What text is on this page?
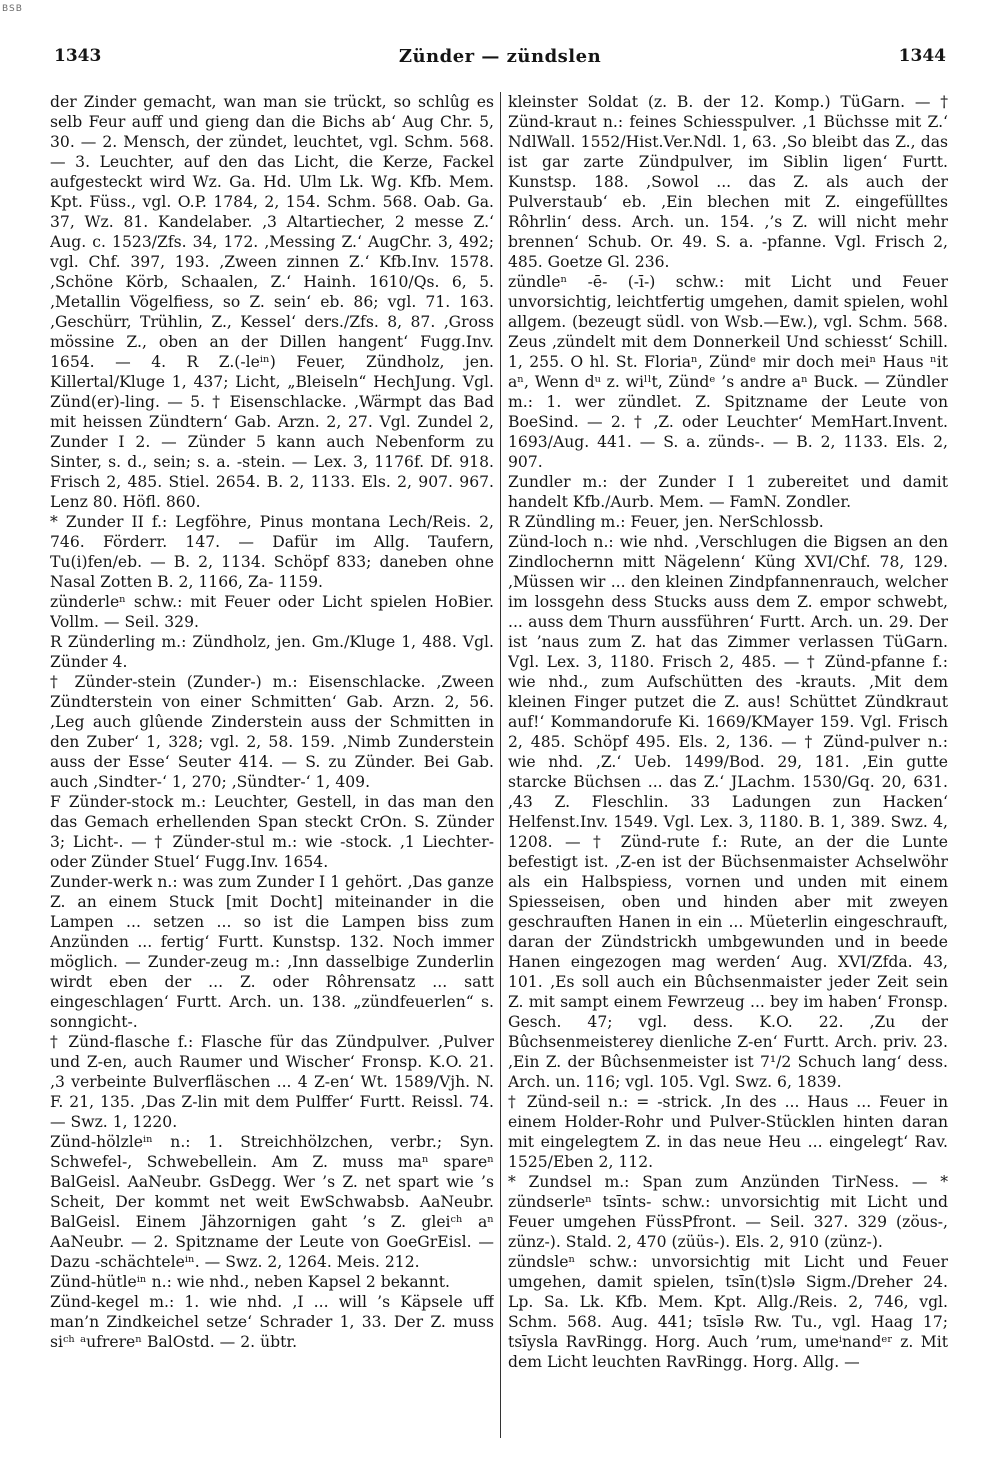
BSB
1343	Zünder — zündslen	1344

der Zinder gemacht, wan man sie trückt, so schlûg es selb Feur auff und gieng dan die Bichs ab‘ Aug Chr. 5, 30. — 2. Mensch, der zündet, leuchtet, vgl. Schm. 568. — 3. Leuchter, auf den das Licht, die Kerze, Fackel aufgesteckt wird Wz. Ga. Hd. Ulm Lk. Wg. Kfb. Mem. Kpt. Füss., vgl. O.P. 1784, 2, 154. Schm. 568. Oab. Ga. 37, Wz. 81. Kandelaber. ‚3 Altartiecher, 2 messe Z.‘ Aug. c. 1523/Zfs. 34, 172. ‚Messing Z.‘ AugChr. 3, 492; vgl. Chf. 397, 193. ‚Zween zinnen Z.‘ Kfb.Inv. 1578. ‚Schöne Körb, Schaalen, Z.‘ Hainh. 1610/Qs. 6, 5. ‚Metallin Vögelfiess, so Z. sein‘ eb. 86; vgl. 71. 163. ‚Geschürr, Trühlin, Z., Kessel‘ ders./Zfs. 8, 87. ‚Gross mössine Z., oben an der Dillen hangent‘ Fugg.Inv. 1654. — 4. R Z.(-leⁱⁿ) Feuer, Zündholz, jen. Killertal/Kluge 1, 437; Licht, „Bleiseln“ HechJung. Vgl. Zünd(er)-ling. — 5. † Eisenschlacke. ‚Wärmpt das Bad mit heissen Zündtern‘ Gab. Arzn. 2, 27. Vgl. Zundel 2, Zunder I 2. — Zünder 5 kann auch Nebenform zu Sinter, s. d., sein; s. a. -stein. — Lex. 3, 1176f. Df. 918. Frisch 2, 485. Stiel. 2654. B. 2, 1133. Els. 2, 907. 967. Lenz 80. Höfl. 860.

* Zunder II f.: Legföhre, Pinus montana Lech/Reis. 2, 746. Förderr. 147. — Dafür im Allg. Taufern, Tu(i)fen/eb. — B. 2, 1134. Schöpf 833; daneben ohne Nasal Zotten B. 2, 1166, Za- 1159.

zünderleⁿ schw.: mit Feuer oder Licht spielen HoBier. Vollm. — Seil. 329.

R Zünderling m.: Zündholz, jen. Gm./Kluge 1, 488. Vgl. Zünder 4.

† Zünder-stein (Zunder-) m.: Eisenschlacke. ‚Zween Zündterstein von einer Schmitten‘ Gab. Arzn. 2, 56. ‚Leg auch glûende Zinderstein auss der Schmitten in den Zuber‘ 1, 328; vgl. 2, 58. 159. ‚Nimb Zunderstein auss der Esse‘ Seuter 414. — S. zu Zünder. Bei Gab. auch ‚Sindter-‘ 1, 270; ‚Sündter-‘ 1, 409.

F Zünder-stock m.: Leuchter, Gestell, in das man den das Gemach erhellenden Span steckt CrOn. S. Zünder 3; Licht-. — † Zünder-stul m.: wie -stock. ‚1 Liechter- oder Zünder Stuel‘ Fugg.Inv. 1654.

Zunder-werk n.: was zum Zunder I 1 gehört. ‚Das ganze Z. an einem Stuck [mit Docht] miteinander in die Lampen ... setzen ... so ist die Lampen biss zum Anzünden ... fertig‘ Furtt. Kunstsp. 132. Noch immer möglich. — Zunder-zeug m.: ‚Inn dasselbige Zunderlin wirdt eben der ... Z. oder Rôhrensatz ... satt eingeschlagen‘ Furtt. Arch. un. 138. „zündfeuerlen“ s. sonngicht-.

† Zünd-flasche f.: Flasche für das Zündpulver. ‚Pulver und Z-en, auch Raumer und Wischer‘ Fronsp. K.O. 21. ‚3 verbeinte Bulverfläschen ... 4 Z-en‘ Wt. 1589/Vjh. N. F. 21, 135. ‚Das Z-lin mit dem Pulffer‘ Furtt. Reissl. 74. — Swz. 1, 1220.

Zünd-hölzleⁱⁿ n.: 1. Streichhölzchen, verbr.; Syn. Schwefel-, Schwebellein. Am Z. muss maⁿ spareⁿ BalGeisl. AaNeubr. GsDegg. Wer ’s Z. net spart wie ’s Scheit, Der kommt net weit EwSchwabsb. AaNeubr. BalGeisl. Einem Jähzornigen gaht ’s Z. gleiᶜʰ aⁿ AaNeubr. — 2. Spitzname der Leute von GoeGrEisl. — Dazu -schächteleⁱⁿ. — Swz. 2, 1264. Meis. 212.

Zünd-hütleⁱⁿ n.: wie nhd., neben Kapsel 2 bekannt.

Zünd-kegel m.: 1. wie nhd. ‚I ... will ’s Käpsele uff man’n Zindkeichel setze‘ Schrader 1, 33. Der Z. muss siᶜʰ ᵃufrereⁿ BalOstd. — 2. übtr.

kleinster Soldat (z. B. der 12. Komp.) TüGarn. — † Zünd-kraut n.: feines Schiesspulver. ‚1 Büchsse mit Z.‘ NdlWall. 1552/Hist.Ver.Ndl. 1, 63. ‚So bleibt das Z., das ist gar zarte Zündpulver, im Siblin ligen‘ Furtt. Kunstsp. 188. ‚Sowol ... das Z. als auch der Pulverstaub‘ eb. ‚Ein blechen mit Z. eingefülltes Rôhrlin‘ dess. Arch. un. 154. ‚’s Z. will nicht mehr brennen‘ Schub. Or. 49. S. a. -pfanne. Vgl. Frisch 2, 485. Goetze Gl. 236.

zündleⁿ -ē- (-ī-) schw.: mit Licht und Feuer unvorsichtig, leichtfertig umgehen, damit spielen, wohl allgem. (bezeugt südl. von Wsb.—Ew.), vgl. Schm. 568. Zeus ‚zündelt mit dem Donnerkeil Und schiesst‘ Schill. 1, 255. O hl. St. Floriaⁿ, Zündᵉ mir doch meiⁿ Haus ⁿit aⁿ, Wenn dᵘ z. wiˡˡt, Zündᵉ ’s andre aⁿ Buck. — Zündler m.: 1. wer zündlet. Z. Spitzname der Leute von BoeSind. — 2. † ‚Z. oder Leuchter‘ MemHart.Invent. 1693/Aug. 441. — S. a. zünds-. — B. 2, 1133. Els. 2, 907.

Zundler m.: der Zunder I 1 zubereitet und damit handelt Kfb./Aurb. Mem. — FamN. Zondler.

R Zündling m.: Feuer, jen. NerSchlossb.

Zünd-loch n.: wie nhd. ‚Verschlugen die Bigsen an den Zindlochernn mitt Nägelenn‘ Küng XVI/Chf. 78, 129. ‚Müssen wir ... den kleinen Zindpfannenrauch, welcher im lossgehn dess Stucks auss dem Z. empor schwebt, ... auss dem Thurn aussführen‘ Furtt. Arch. un. 29. Der ist ’naus zum Z. hat das Zimmer verlassen TüGarn. Vgl. Lex. 3, 1180. Frisch 2, 485. — † Zünd-pfanne f.: wie nhd., zum Aufschütten des -krauts. ‚Mit dem kleinen Finger putzet die Z. aus! Schüttet Zündkraut auf!‘ Kommandorufe Ki. 1669/KMayer 159. Vgl. Frisch 2, 485. Schöpf 495. Els. 2, 136. — † Zünd-pulver n.: wie nhd. ‚Z.‘ Ueb. 1499/Bod. 29, 181. ‚Ein gutte starcke Büchsen ... das Z.‘ JLachm. 1530/Gq. 20, 631. ‚43 Z. Fleschlin. 33 Ladungen zun Hacken‘ Helfenst.Inv. 1549. Vgl. Lex. 3, 1180. B. 1, 389. Swz. 4, 1208. — † Zünd-rute f.: Rute, an der die Lunte befestigt ist. ‚Z-en ist der Büchsenmaister Achselwöhr als ein Halbspiess, vornen und unden mit einem Spiesseisen, oben und hinden aber mit zweyen geschrauften Hanen in ein ... Müeterlin eingeschrauft, daran der Zündstrickh umbgewunden und in beede Hanen eingezogen mag werden‘ Aug. XVI/Zfda. 43, 101. ‚Es soll auch ein Bûchsenmaister jeder Zeit sein Z. mit sampt einem Fewrzeug ... bey im haben‘ Fronsp. Gesch. 47; vgl. dess. K.O. 22. ‚Zu der Bûchsenmeisterey dienliche Z-en‘ Furtt. Arch. priv. 23. ‚Ein Z. der Bûchsenmeister ist 7¹/2 Schuch lang‘ dess. Arch. un. 116; vgl. 105. Vgl. Swz. 6, 1839.

† Zünd-seil n.: = -strick. ‚In des ... Haus ... Feuer in einem Holder-Rohr und Pulver-Stücklen hinten daran mit eingelegtem Z. in das neue Heu ... eingelegt‘ Rav. 1525/Eben 2, 112.

* Zundsel m.: Span zum Anzünden TirNess. — * zündserleⁿ tsīnts- schw.: unvorsichtig mit Licht und Feuer umgehen FüssPfront. — Seil. 327. 329 (zöus-, zünz-). Stald. 2, 470 (züüs-). Els. 2, 910 (zünz-).

zündsleⁿ schw.: unvorsichtig mit Licht und Feuer umgehen, damit spielen, tsīn(t)slə Sigm./Dreher 24. Lp. Sa. Lk. Kfb. Mem. Kpt. Allg./Reis. 2, 746, vgl. Schm. 568. Aug. 441; tsīslə Rw. Tu., vgl. Haag 17; tsīysla RavRingg. Horg. Auch ’rum, umeⁱnandᵉʳ z. Mit dem Licht leuchten RavRingg. Horg. Allg. —
